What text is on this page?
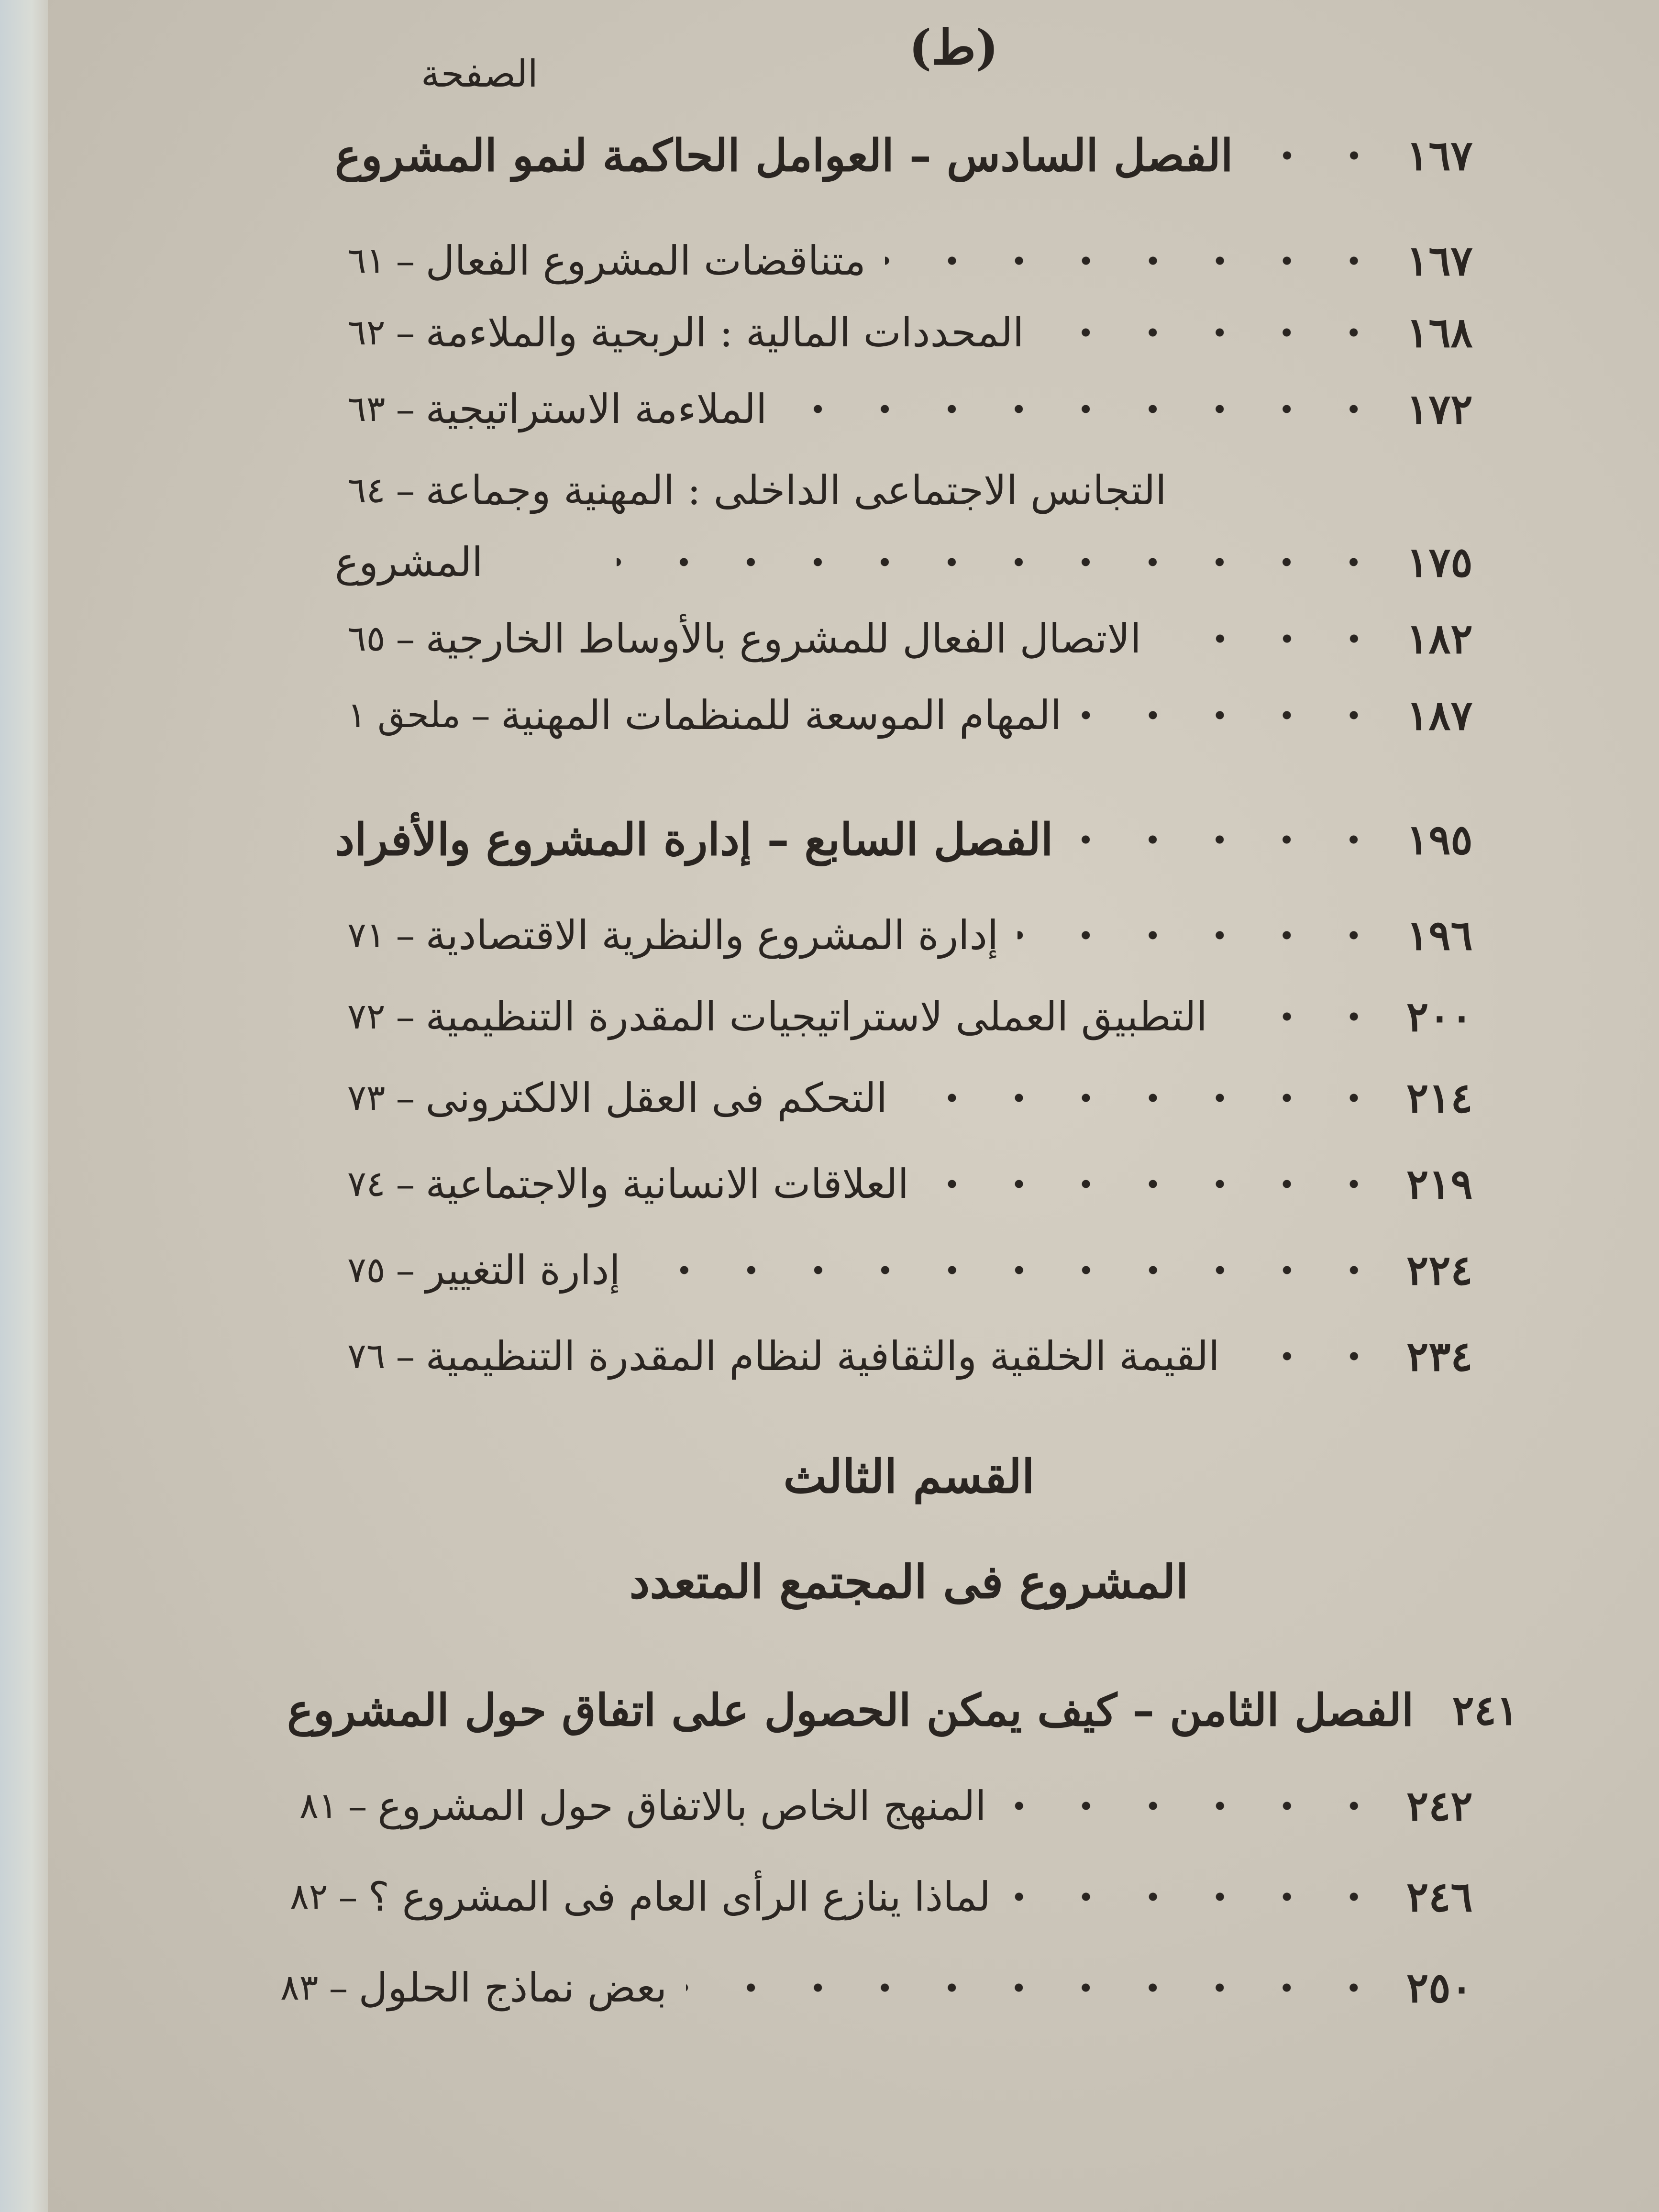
(ط)
الصفحة
الفصل السادس – العوامل الحاكمة لنمو المشروع	١٦٧
٦١ – متناقضات المشروع الفعال	١٦٧
٦٢ – المحددات المالية : الربحية والملاءمة	١٦٨
٦٣ – الملاءمة الاستراتيجية	١٧٢
٦٤ – التجانس الاجتماعى الداخلى : المهنية وجماعة
المشروع	١٧٥
٦٥ – الاتصال الفعال للمشروع بالأوساط الخارجية	١٨٢
ملحق ١ – المهام الموسعة للمنظمات المهنية	١٨٧
الفصل السابع – إدارة المشروع والأفراد	١٩٥
٧١ – إدارة المشروع والنظرية الاقتصادية	١٩٦
٧٢ – التطبيق العملى لاستراتيجيات المقدرة التنظيمية	٢٠٠
٧٣ – التحكم فى العقل الالكترونى	٢١٤
٧٤ – العلاقات الانسانية والاجتماعية	٢١٩
٧٥ – إدارة التغيير	٢٢٤
٧٦ – القيمة الخلقية والثقافية لنظام المقدرة التنظيمية	٢٣٤
القسم الثالث
المشروع فى المجتمع المتعدد
الفصل الثامن – كيف يمكن الحصول على اتفاق حول المشروع ٢٤١
٨١ – المنهج الخاص بالاتفاق حول المشروع	٢٤٢
٨٢ – لماذا ينازع الرأى العام فى المشروع ؟	٢٤٦
٨٣ – بعض نماذج الحلول	٢٥٠
